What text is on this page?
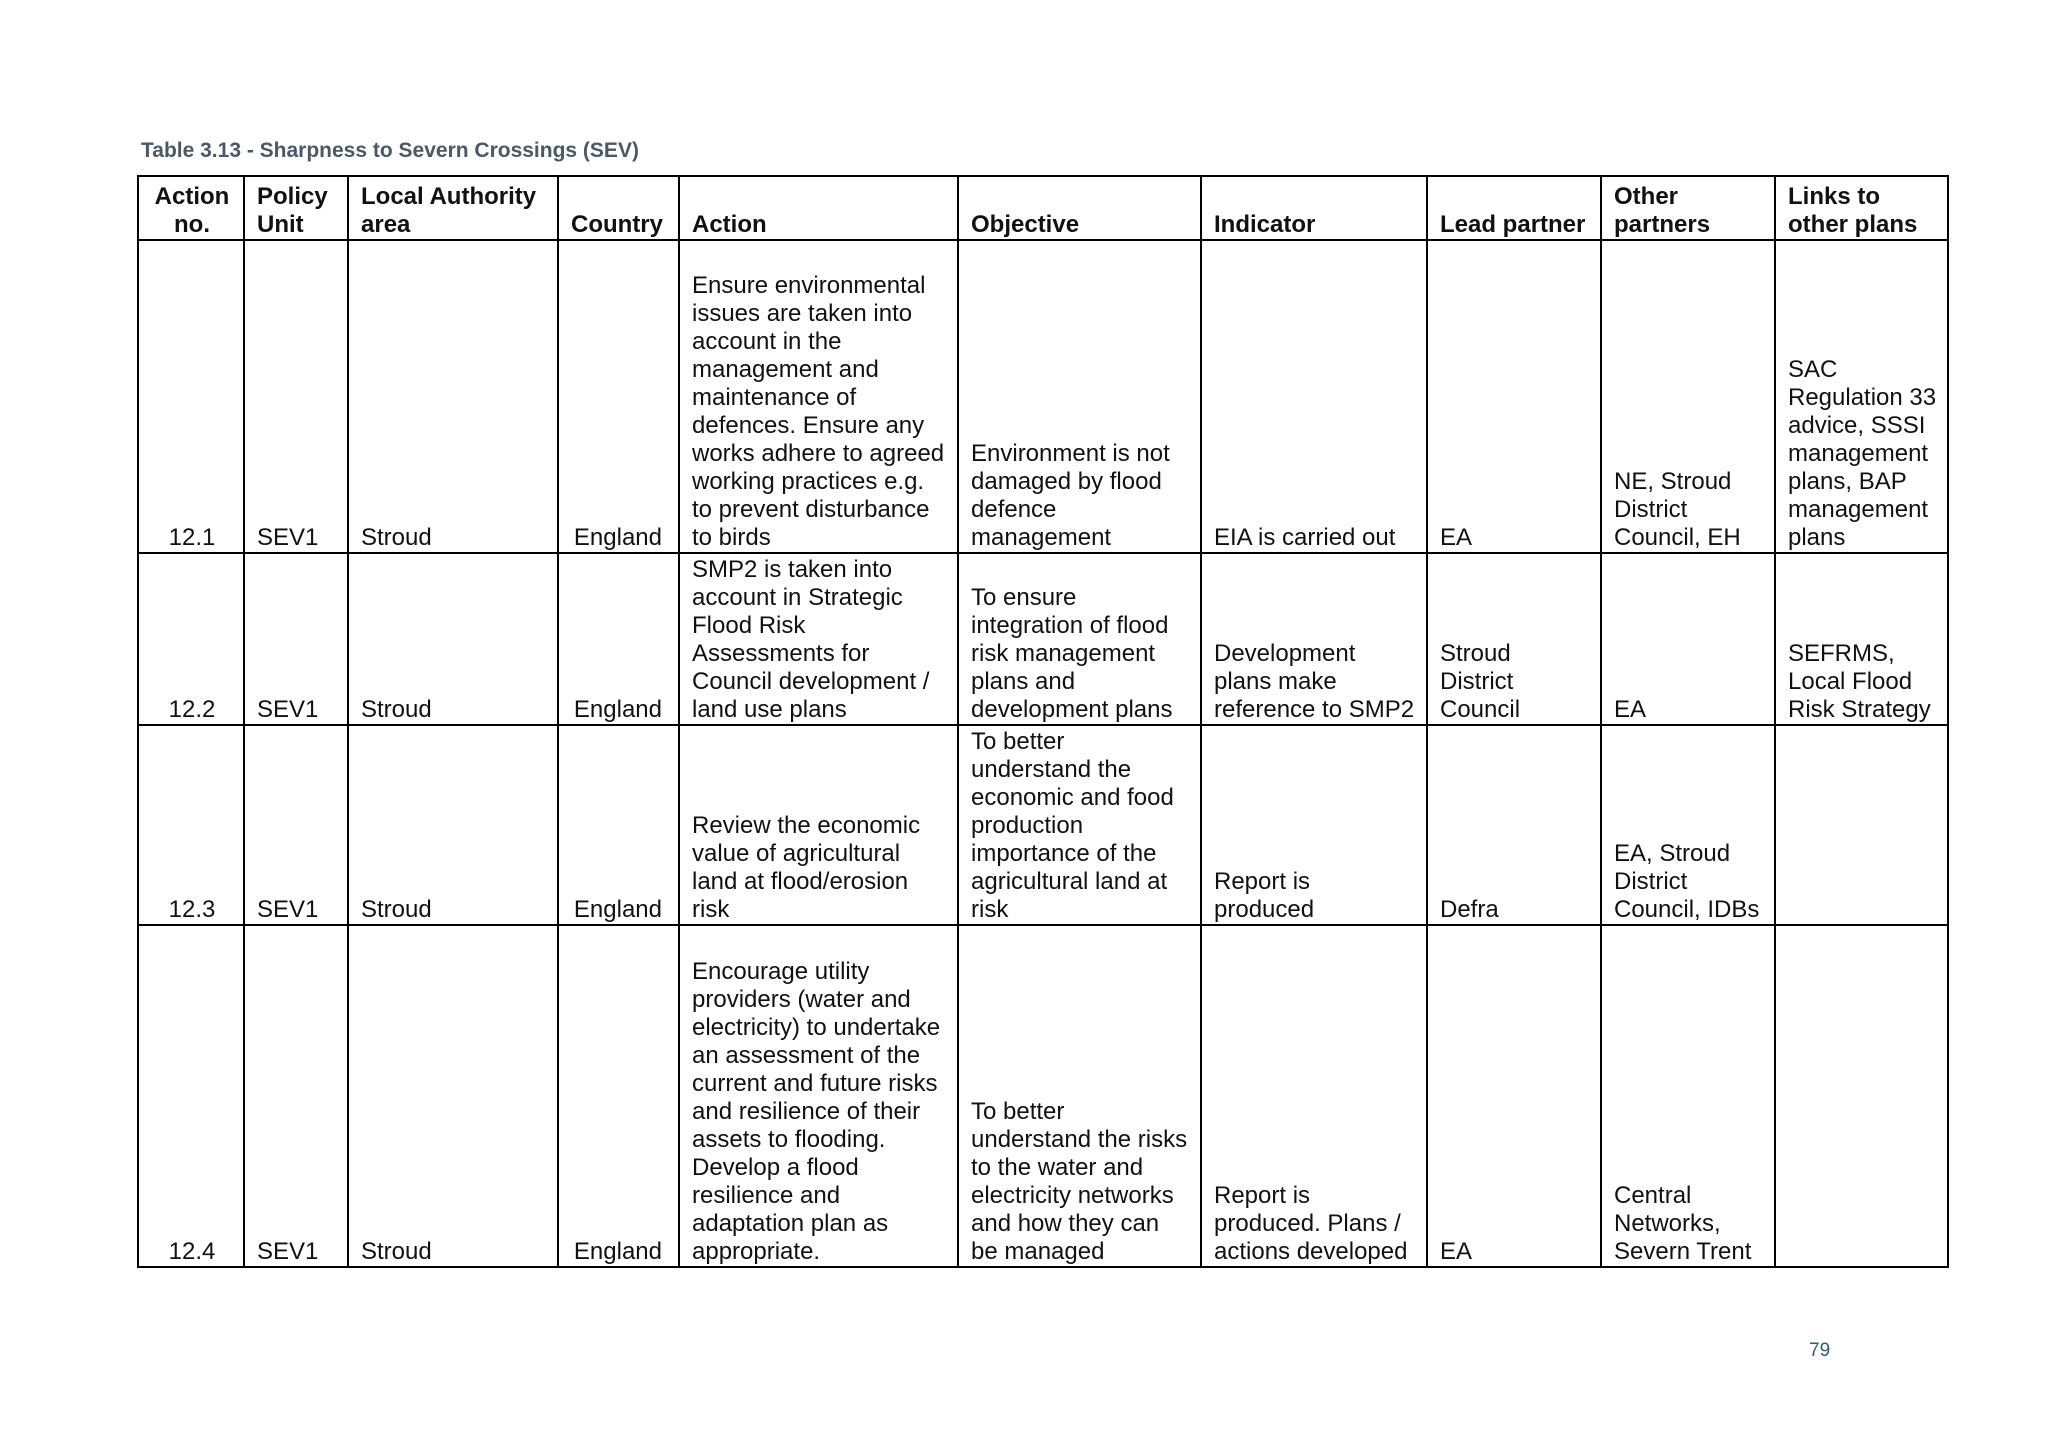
Table 3.13 - Sharpness to Severn Crossings (SEV)
Action no.	Policy Unit	Local Authority area	Country	Action	Objective	Indicator	Lead partner	Other partners	Links to other plans
12.1	SEV1	Stroud	England	Ensure environmental issues are taken into account in the management and maintenance of defences. Ensure any works adhere to agreed working practices e.g. to prevent disturbance to birds	Environment is not damaged by flood defence management	EIA is carried out	EA	NE, Stroud District Council, EH	SAC Regulation 33 advice, SSSI management plans, BAP management plans
12.2	SEV1	Stroud	England	SMP2 is taken into account in Strategic Flood Risk Assessments for Council development / land use plans	To ensure integration of flood risk management plans and development plans	Development plans make reference to SMP2	Stroud District Council	EA	SEFRMS, Local Flood Risk Strategy
12.3	SEV1	Stroud	England	Review the economic value of agricultural land at flood/erosion risk	To better understand the economic and food production importance of the agricultural land at risk	Report is produced	Defra	EA, Stroud District Council, IDBs	
12.4	SEV1	Stroud	England	Encourage utility providers (water and electricity) to undertake an assessment of the current and future risks and resilience of their assets to flooding. Develop a flood resilience and adaptation plan as appropriate.	To better understand the risks to the water and electricity networks and how they can be managed	Report is produced. Plans / actions developed	EA	Central Networks, Severn Trent	
79
